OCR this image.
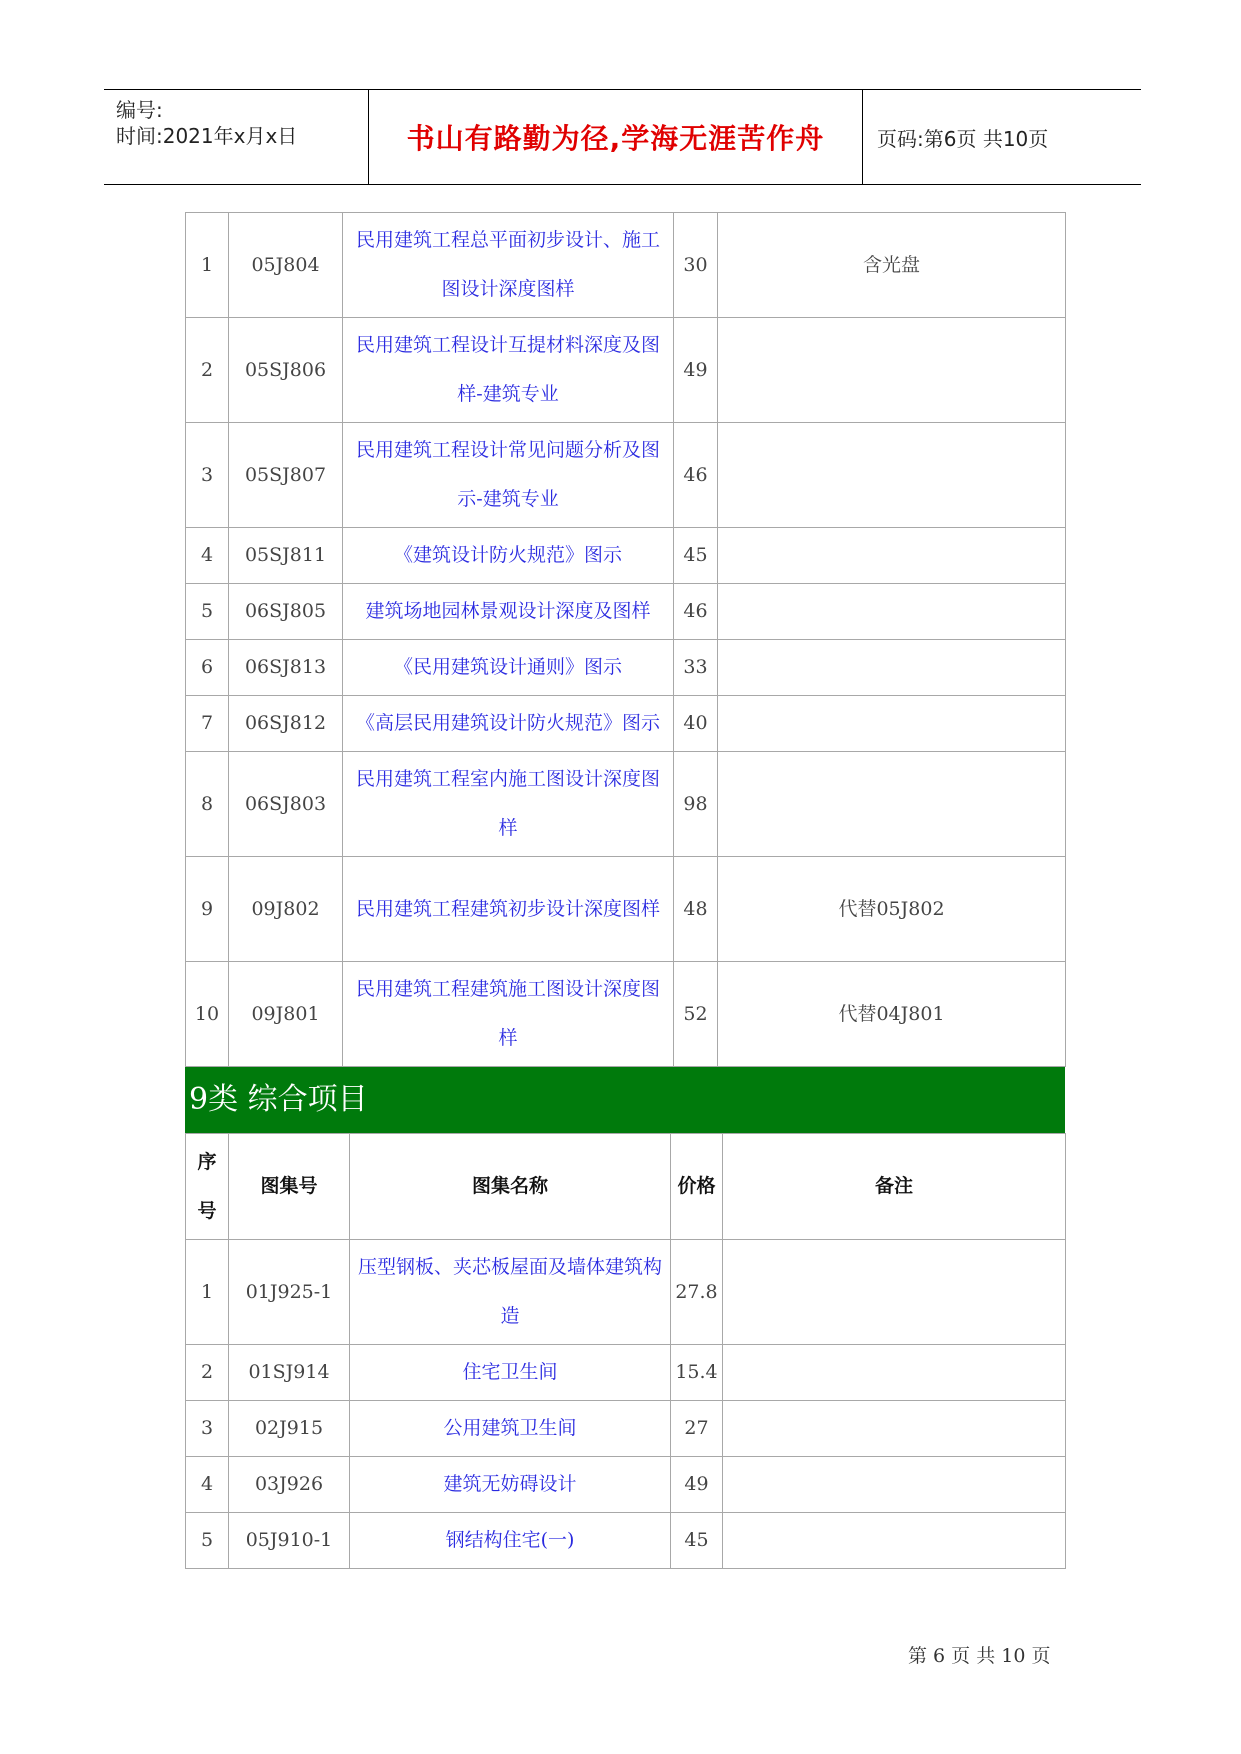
编号:
时间:2021年x月x日	书山有路勤为径,学海无涯苦作舟	页码:第6页 共10页
1	05J804	民用建筑工程总平面初步设计、施工图设计深度图样	30	含光盘
2	05SJ806	民用建筑工程设计互提材料深度及图样-建筑专业	49	
3	05SJ807	民用建筑工程设计常见问题分析及图示-建筑专业	46	
4	05SJ811	《建筑设计防火规范》图示	45	
5	06SJ805	建筑场地园林景观设计深度及图样	46	
6	06SJ813	《民用建筑设计通则》图示	33	
7	06SJ812	《高层民用建筑设计防火规范》图示	40	
8	06SJ803	民用建筑工程室内施工图设计深度图样	98	
9	09J802	民用建筑工程建筑初步设计深度图样	48	代替05J802
10	09J801	民用建筑工程建筑施工图设计深度图样	52	代替04J801
9类 综合项目
序号	图集号	图集名称	价格	备注
1	01J925-1	压型钢板、夹芯板屋面及墙体建筑构造	27.8	
2	01SJ914	住宅卫生间	15.4	
3	02J915	公用建筑卫生间	27	
4	03J926	建筑无妨碍设计	49	
5	05J910-1	钢结构住宅(一)	45	
第 6 页 共 10 页
